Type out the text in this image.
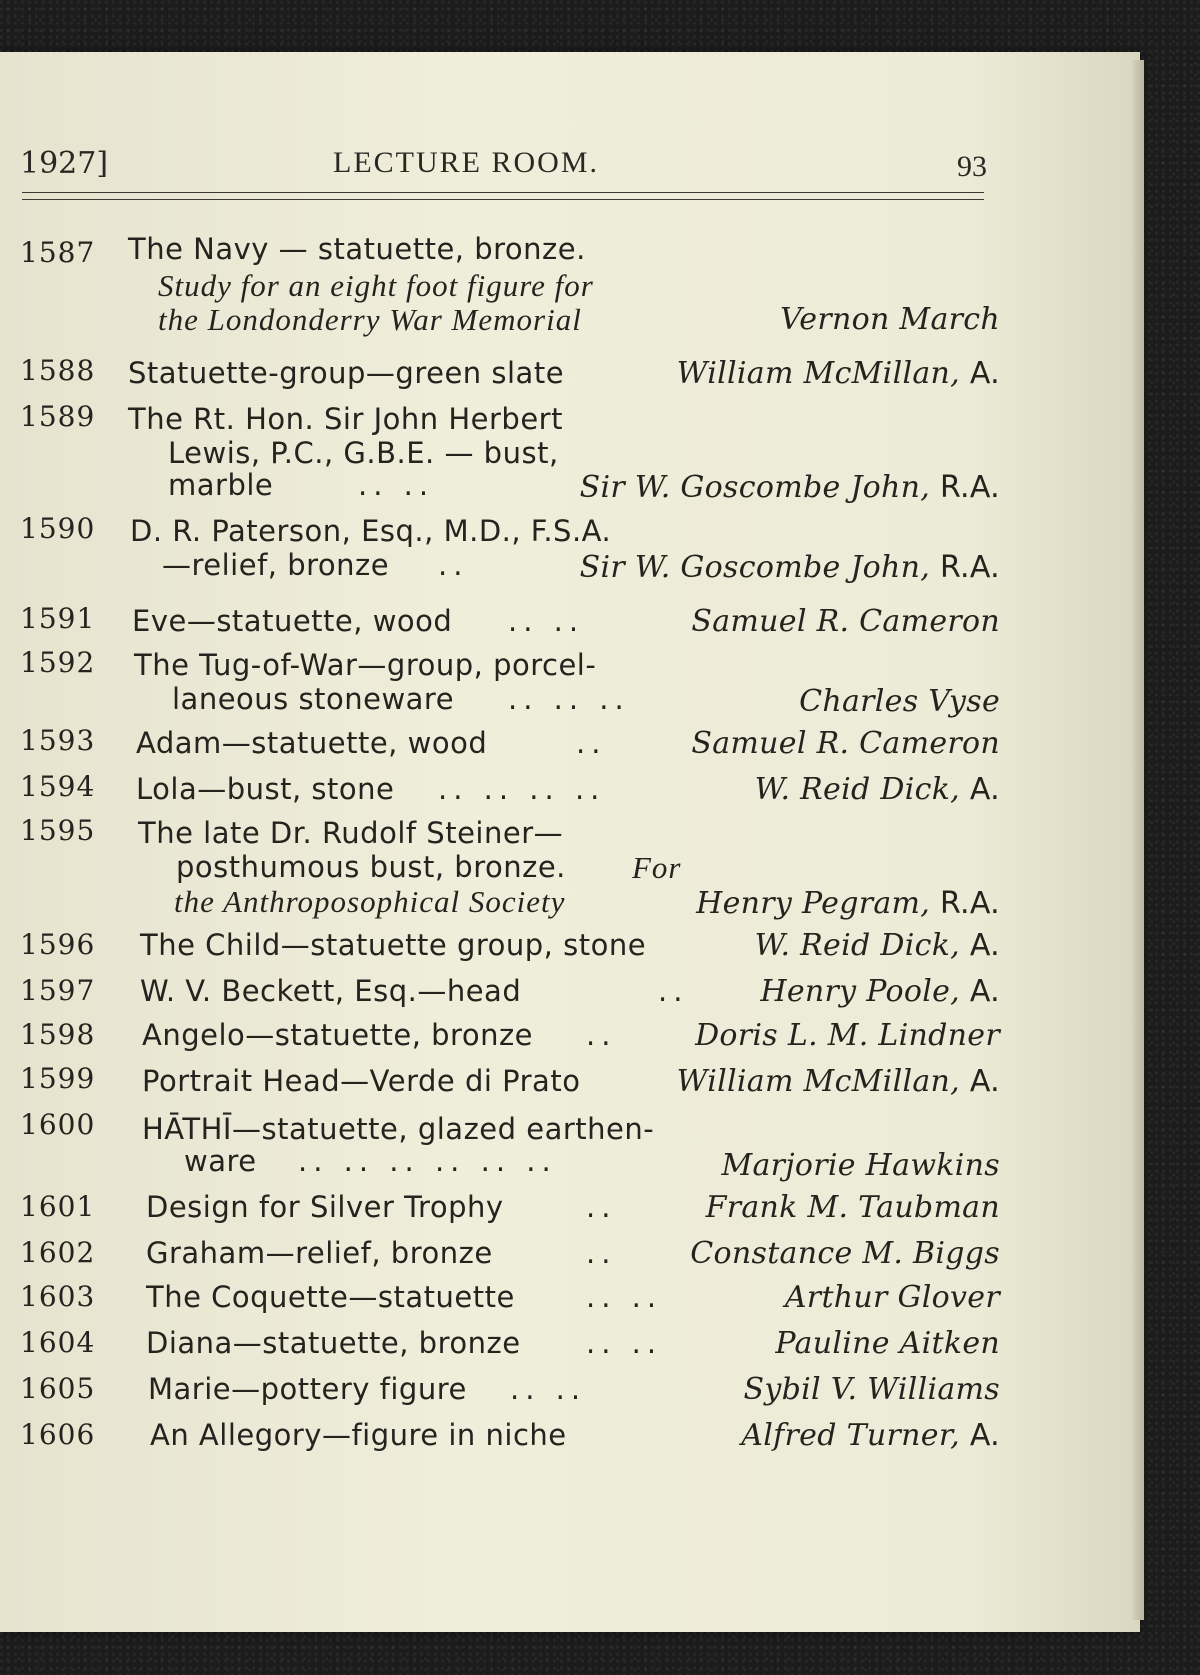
1927]	LECTURE ROOM.	93
1587 The Navy — statuette, bronze.
Study for an eight foot figure for
the Londonderry War Memorial	Vernon March
1588 Statuette-group—green slate	William McMillan, A.
1589 The Rt. Hon. Sir John Herbert
Lewis, P.C., G.B.E. — bust,
marble	.. ..	Sir W. Goscombe John, R.A.
1590 D. R. Paterson, Esq., M.D., F.S.A.
—relief, bronze ..	Sir W. Goscombe John, R.A.
1591 Eve—statuette, wood .. ..	Samuel R. Cameron
1592 The Tug-of-War—group, porcel-
laneous stoneware .. .. ..	Charles Vyse
1593 Adam—statuette, wood	..	Samuel R. Cameron
1594 Lola—bust, stone .. .. .. ..	W. Reid Dick, A.
1595 The late Dr. Rudolf Steiner—
posthumous bust, bronze. For
the Anthroposophical Society	Henry Pegram, R.A.
1596 The Child—statuette group, stone	W. Reid Dick, A.
1597 W. V. Beckett, Esq.—head	.. Henry Poole, A.
1598 Angelo—statuette, bronze ..	Doris L. M. Lindner
1599 Portrait Head—Verde di Prato	William McMillan, A.
1600 HĀTHĪ—statuette, glazed earthen-
ware .. .. .. .. .. ..	Marjorie Hawkins
1601 Design for Silver Trophy	..	Frank M. Taubman
1602 Graham—relief, bronze	.. Constance M. Biggs
1603 The Coquette—statuette .. ..	Arthur Glover
1604 Diana—statuette, bronze .. ..	Pauline Aitken
1605 Marie—pottery figure .. ..	Sybil V. Williams
1606 An Allegory—figure in niche	Alfred Turner, A.
